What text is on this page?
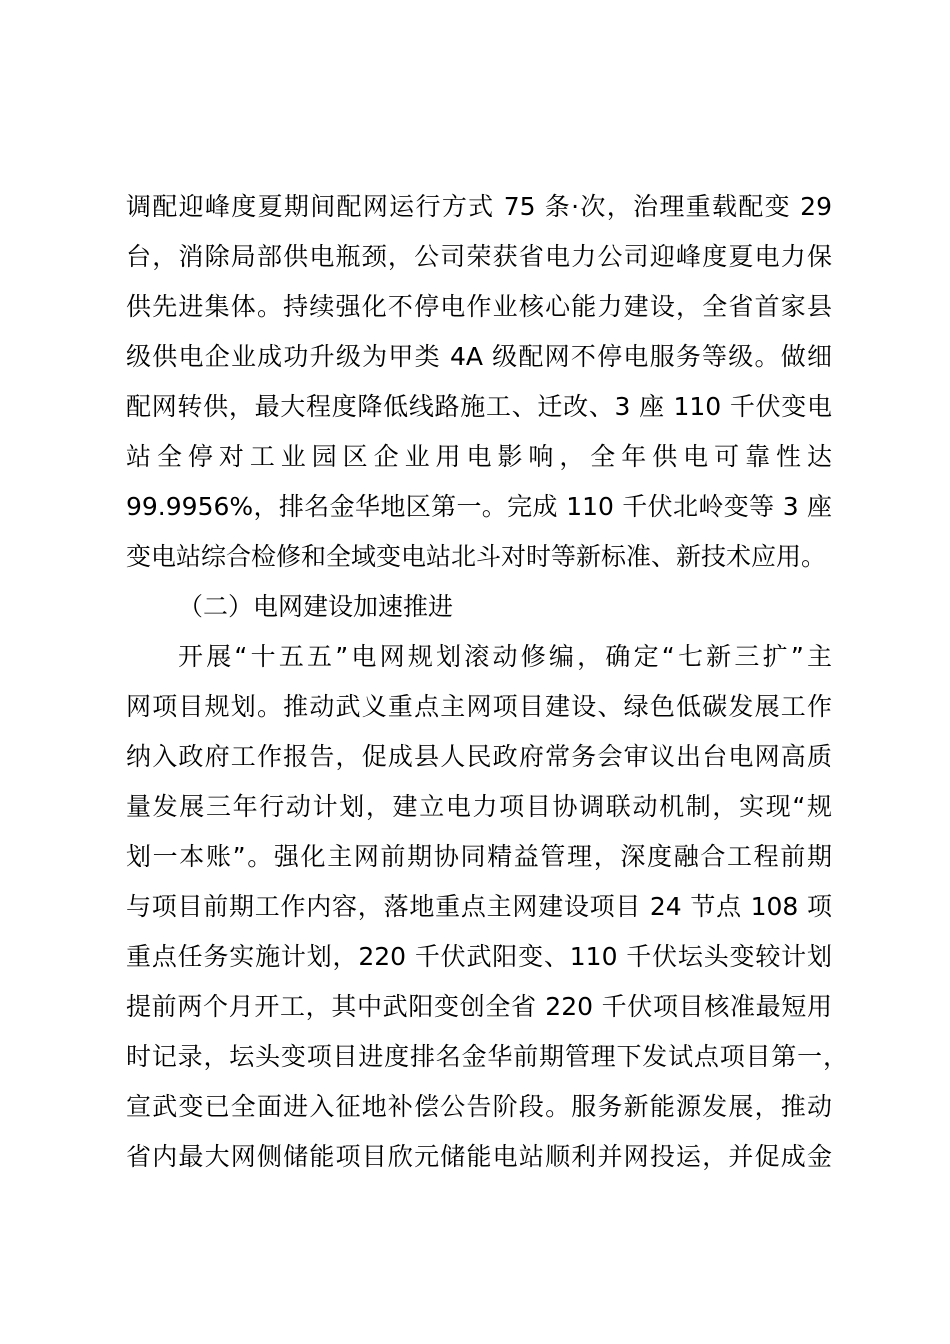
调配迎峰度夏期间配网运行方式 75 条·次，治理重载配变 29
台，消除局部供电瓶颈，公司荣获省电力公司迎峰度夏电力保
供先进集体。持续强化不停电作业核心能力建设，全省首家县
级供电企业成功升级为甲类 4A 级配网不停电服务等级。做细
配网转供，最大程度降低线路施工、迁改、3 座 110 千伏变电
站全停对工业园区企业用电影响，全年供电可靠性达
99.9956%，排名金华地区第一。完成 110 千伏北岭变等 3 座
变电站综合检修和全域变电站北斗对时等新标准、新技术应用。
（二）电网建设加速推进
开展“十五五”电网规划滚动修编，确定“七新三扩”主
网项目规划。推动武义重点主网项目建设、绿色低碳发展工作
纳入政府工作报告，促成县人民政府常务会审议出台电网高质
量发展三年行动计划，建立电力项目协调联动机制，实现“规
划一本账”。强化主网前期协同精益管理，深度融合工程前期
与项目前期工作内容，落地重点主网建设项目 24 节点 108 项
重点任务实施计划，220 千伏武阳变、110 千伏坛头变较计划
提前两个月开工，其中武阳变创全省 220 千伏项目核准最短用
时记录，坛头变项目进度排名金华前期管理下发试点项目第一，
宣武变已全面进入征地补偿公告阶段。服务新能源发展，推动
省内最大网侧储能项目欣元储能电站顺利并网投运，并促成金
